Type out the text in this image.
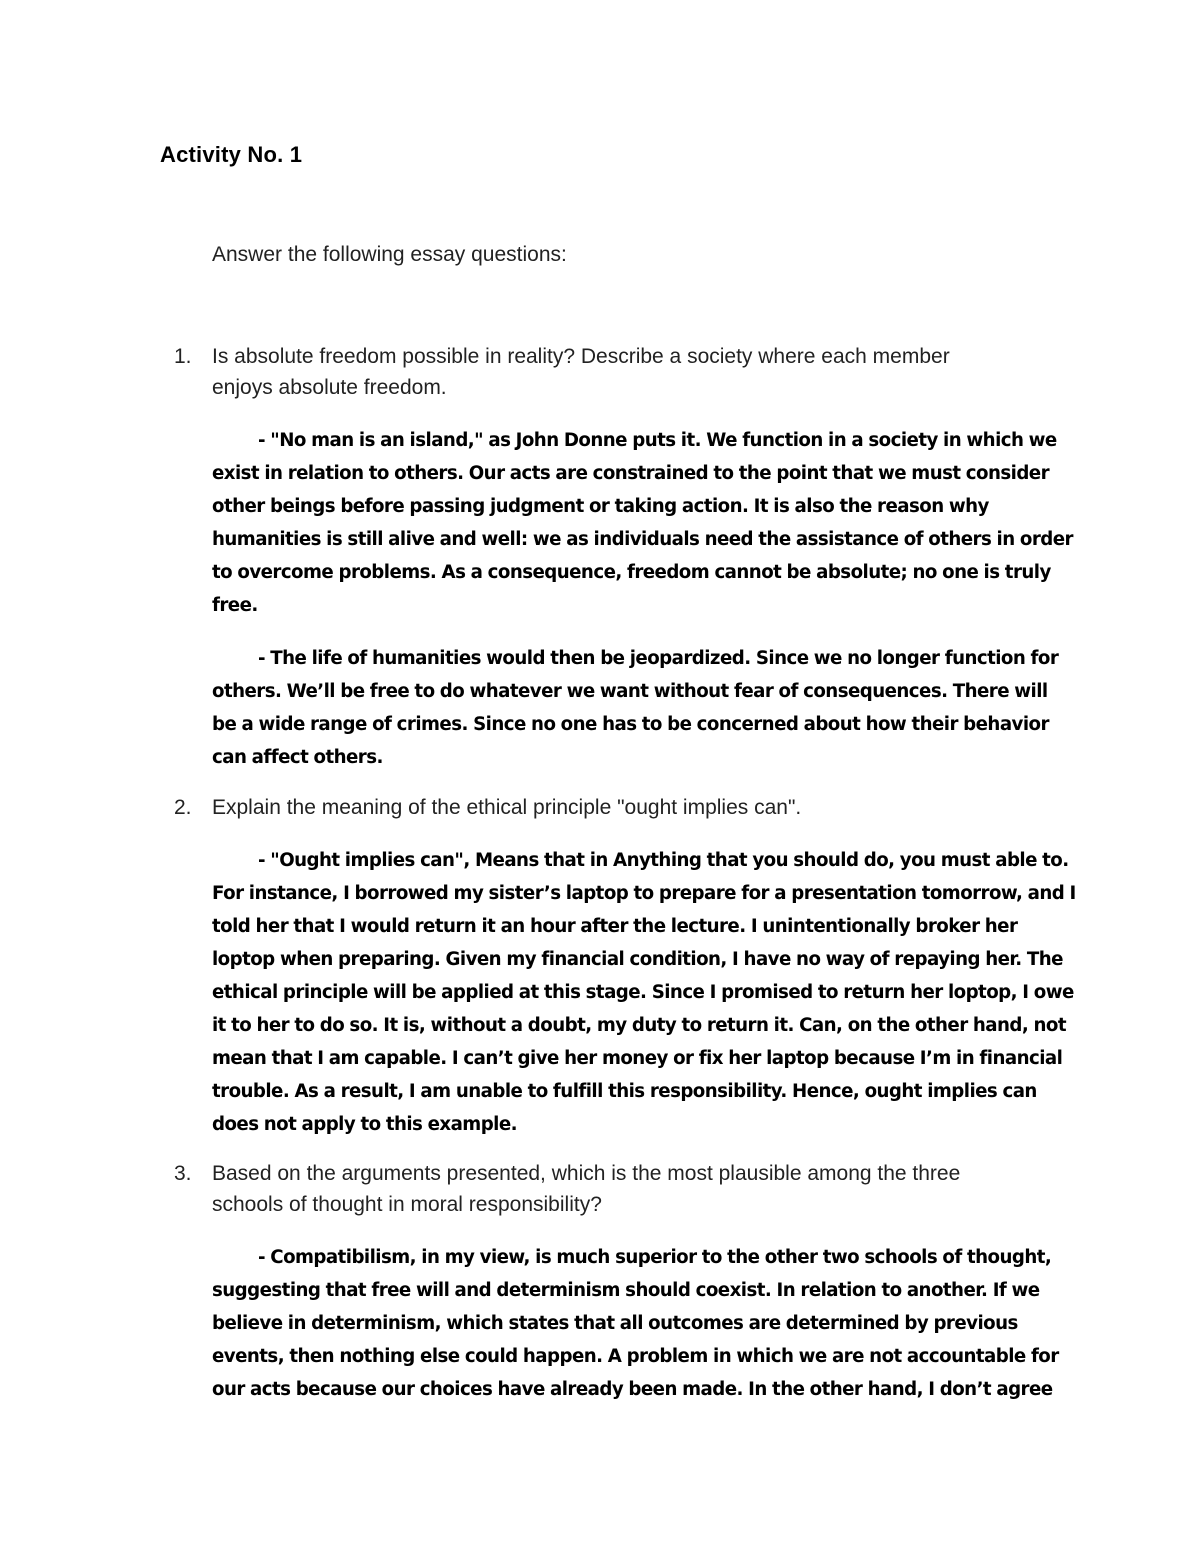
Activity No. 1
Answer the following essay questions:
1. Is absolute freedom possible in reality? Describe a society where each member
enjoys absolute freedom.
- "No man is an island," as John Donne puts it. We function in a society in which we
exist in relation to others. Our acts are constrained to the point that we must consider
other beings before passing judgment or taking action. It is also the reason why
humanities is still alive and well: we as individuals need the assistance of others in order
to overcome problems. As a consequence, freedom cannot be absolute; no one is truly
free.
- The life of humanities would then be jeopardized. Since we no longer function for
others. We’ll be free to do whatever we want without fear of consequences. There will
be a wide range of crimes. Since no one has to be concerned about how their behavior
can affect others.
2. Explain the meaning of the ethical principle "ought implies can".
- "Ought implies can", Means that in Anything that you should do, you must able to.
For instance, I borrowed my sister’s laptop to prepare for a presentation tomorrow, and I
told her that I would return it an hour after the lecture. I unintentionally broker her
loptop when preparing. Given my financial condition, I have no way of repaying her. The
ethical principle will be applied at this stage. Since I promised to return her loptop, I owe
it to her to do so. It is, without a doubt, my duty to return it. Can, on the other hand, not
mean that I am capable. I can’t give her money or fix her laptop because I’m in financial
trouble. As a result, I am unable to fulfill this responsibility. Hence, ought implies can
does not apply to this example.
3. Based on the arguments presented, which is the most plausible among the three
schools of thought in moral responsibility?
- Compatibilism, in my view, is much superior to the other two schools of thought,
suggesting that free will and determinism should coexist. In relation to another. If we
believe in determinism, which states that all outcomes are determined by previous
events, then nothing else could happen. A problem in which we are not accountable for
our acts because our choices have already been made. In the other hand, I don’t agree
